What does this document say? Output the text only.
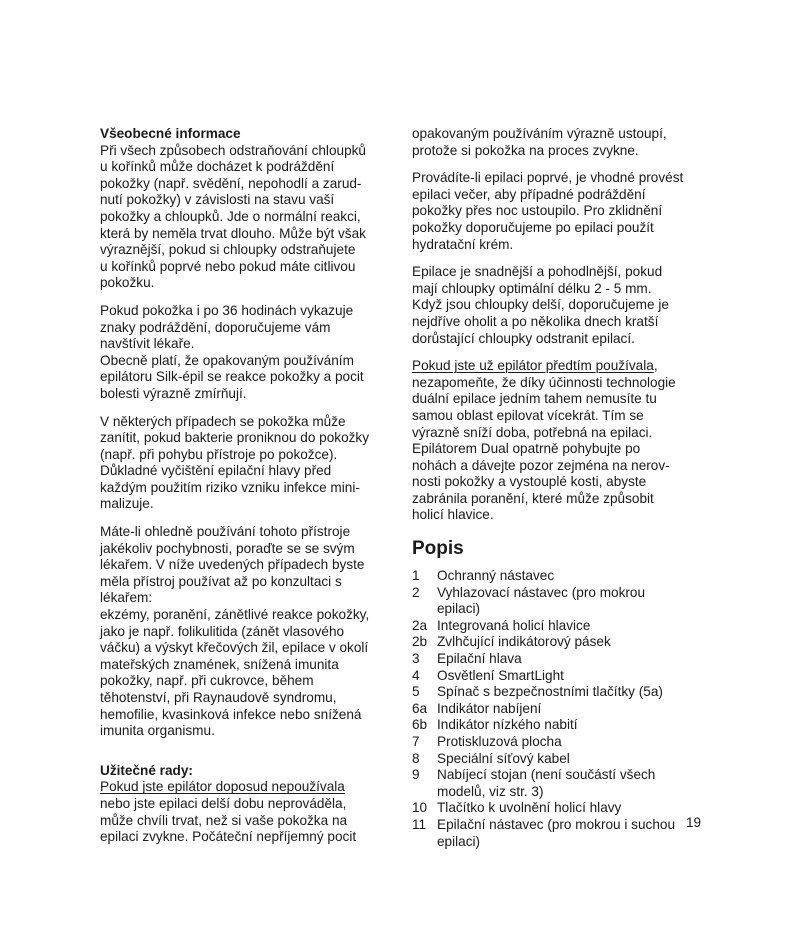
Všeobecné informace
Při všech způsobech odstraňování chloupků
u kořínků může docházet k podráždění
pokožky (např. svědění, nepohodlí a zarud-
nutí pokožky) v závislosti na stavu vaší
pokožky a chloupků. Jde o normální reakci,
která by neměla trvat dlouho. Může být však
výraznější, pokud si chloupky odstraňujete
u kořínků poprvé nebo pokud máte citlivou
pokožku.
Pokud pokožka i po 36 hodinách vykazuje
znaky podráždění, doporučujeme vám
navštívit lékaře.
Obecně platí, že opakovaným používáním
epilátoru Silk-épil se reakce pokožky a pocit
bolesti výrazně zmírňují.
V některých případech se pokožka může
zanítit, pokud bakterie proniknou do pokožky
(např. při pohybu přístroje po pokožce).
Důkladné vyčištění epilační hlavy před
každým použitím riziko vzniku infekce mini-
malizuje.
Máte-li ohledně používání tohoto přístroje
jakékoliv pochybnosti, poraďte se se svým
lékařem. V níže uvedených případech byste
měla přístroj používat až po konzultaci s
lékařem:
ekzémy, poranění, zánětlivé reakce pokožky,
jako je např. folikulitida (zánět vlasového
váčku) a výskyt křečových žil, epilace v okolí
mateřských znamének, snížená imunita
pokožky, např. při cukrovce, během
těhotenství, při Raynaudově syndromu,
hemofilie, kvasinková infekce nebo snížená
imunita organismu.
Užitečné rady:
Pokud jste epilátor doposud nepoužívala
nebo jste epilaci delší dobu neprováděla,
může chvíli trvat, než si vaše pokožka na
epilaci zvykne. Počáteční nepříjemný pocit
opakovaným používáním výrazně ustoupí,
protože si pokožka na proces zvykne.
Provádíte-li epilaci poprvé, je vhodné provést
epilaci večer, aby případné podráždění
pokožky přes noc ustoupilo. Pro zklidnění
pokožky doporučujeme po epilaci použít
hydratační krém.
Epilace je snadnější a pohodlnější, pokud
mají chloupky optimální délku 2 - 5 mm.
Když jsou chloupky delší, doporučujeme je
nejdříve oholit a po několika dnech kratší
dorůstající chloupky odstranit epilací.
Pokud jste už epilátor předtím používala,
nezapomeňte, že díky účinnosti technologie
duální epilace jedním tahem nemusíte tu
samou oblast epilovat vícekrát. Tím se
výrazně sníží doba, potřebná na epilaci.
Epilátorem Dual opatrně pohybujte po
nohách a dávejte pozor zejména na nerov-
nosti pokožky a vystouplé kosti, abyste
zabránila poranění, které může způsobit
holicí hlavice.
Popis
1	Ochranný nástavec
2	Vyhlazovací nástavec (pro mokrou
epilaci)
2a Integrovaná holicí hlavice
2b Zvlhčující indikátorový pásek
3	Epilační hlava
4	Osvětlení SmartLight
5	Spínač s bezpečnostními tlačítky (5a)
6a Indikátor nabíjení
6b Indikátor nízkého nabití
7	Protiskluzová plocha
8	Speciální síťový kabel
9	Nabíjecí stojan (není součástí všech
modelů, viz str. 3)
10 Tlačítko k uvolnění holicí hlavy
11 Epilační nástavec (pro mokrou i suchou
epilaci)
19
